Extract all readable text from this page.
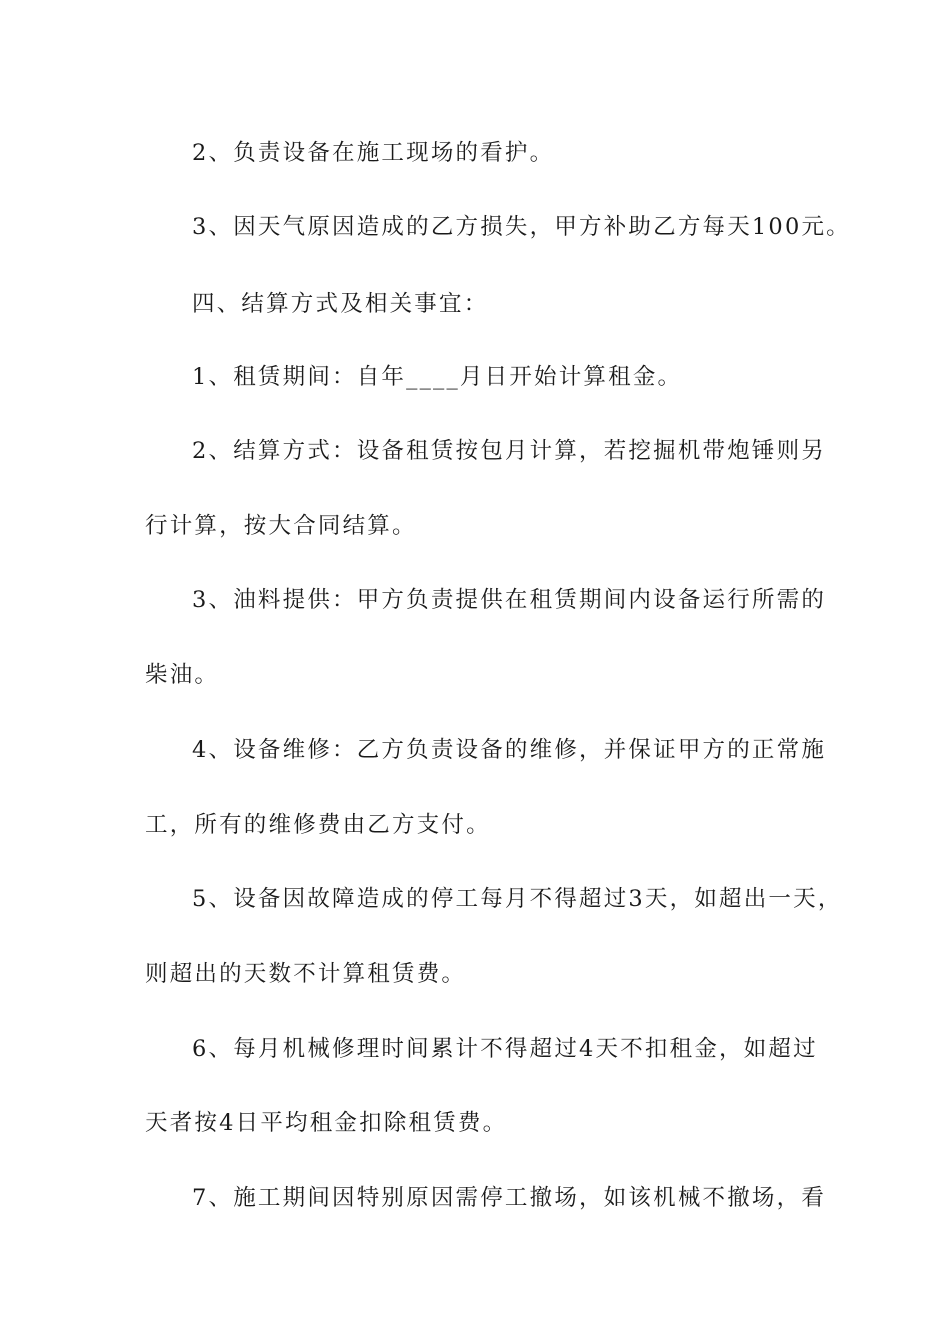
2、负责设备在施工现场的看护。
3、因天气原因造成的乙方损失，甲方补助乙方每天100元。
四、结算方式及相关事宜：
1、租赁期间：自年____月日开始计算租金。
2、结算方式：设备租赁按包月计算，若挖掘机带炮锤则另
行计算，按大合同结算。
3、油料提供：甲方负责提供在租赁期间内设备运行所需的
柴油。
4、设备维修：乙方负责设备的维修，并保证甲方的正常施
工，所有的维修费由乙方支付。
5、设备因故障造成的停工每月不得超过3天，如超出一天，
则超出的天数不计算租赁费。
6、每月机械修理时间累计不得超过4天不扣租金，如超过
天者按4日平均租金扣除租赁费。
7、施工期间因特别原因需停工撤场，如该机械不撤场，看
